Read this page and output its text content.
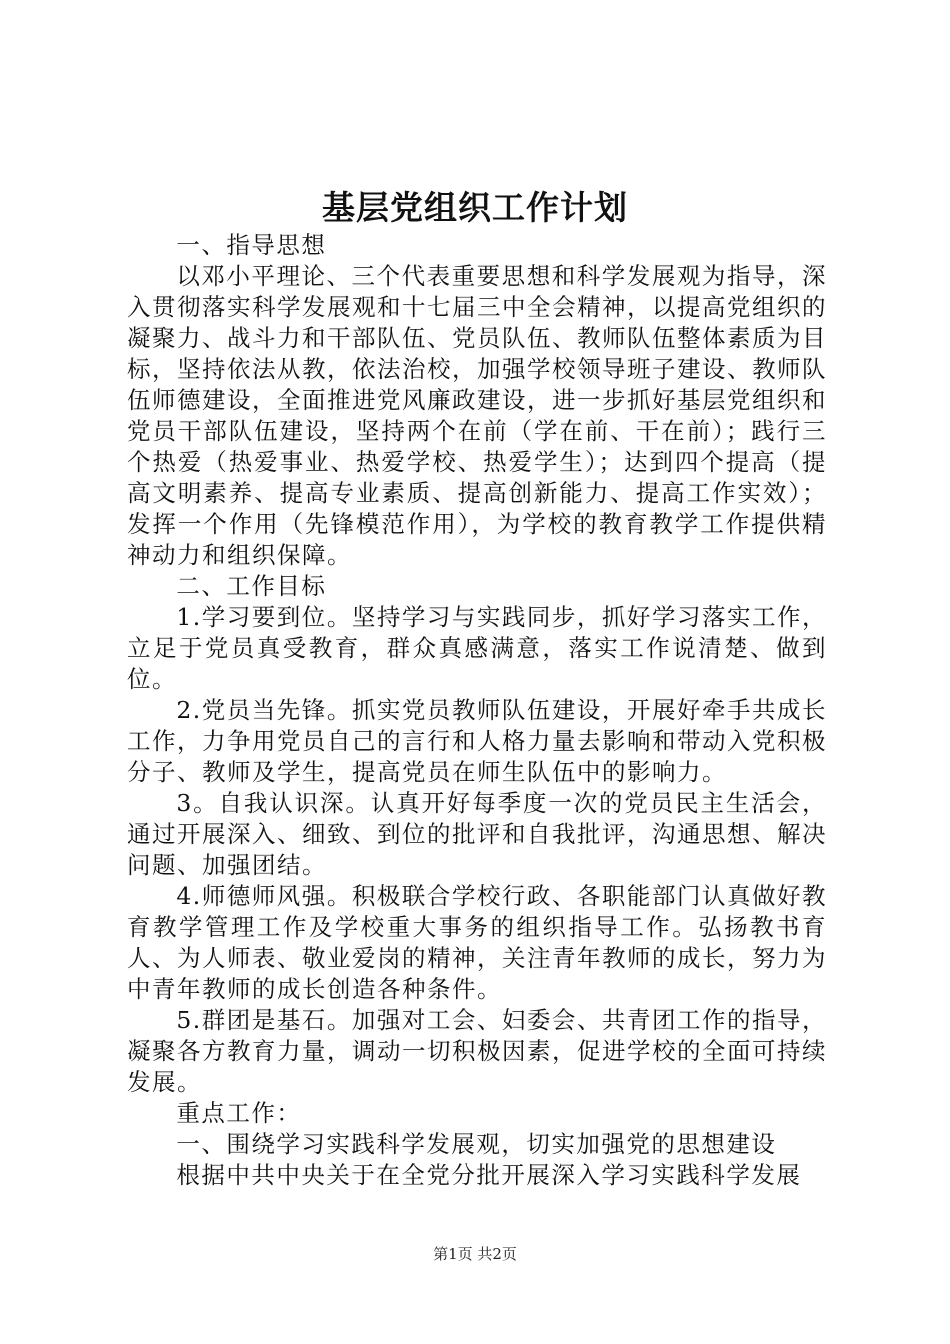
基层党组织工作计划

一、指导思想

以邓小平理论、三个代表重要思想和科学发展观为指导，深入贯彻落实科学发展观和十七届三中全会精神，以提高党组织的凝聚力、战斗力和干部队伍、党员队伍、教师队伍整体素质为目标，坚持依法从教，依法治校，加强学校领导班子建设、教师队伍师德建设，全面推进党风廉政建设，进一步抓好基层党组织和党员干部队伍建设，坚持两个在前（学在前、干在前）；践行三个热爱（热爱事业、热爱学校、热爱学生）；达到四个提高（提高文明素养、提高专业素质、提高创新能力、提高工作实效）；发挥一个作用（先锋模范作用），为学校的教育教学工作提供精神动力和组织保障。

二、工作目标

1.学习要到位。坚持学习与实践同步，抓好学习落实工作，立足于党员真受教育，群众真感满意，落实工作说清楚、做到位。

2.党员当先锋。抓实党员教师队伍建设，开展好牵手共成长工作，力争用党员自己的言行和人格力量去影响和带动入党积极分子、教师及学生，提高党员在师生队伍中的影响力。

3。自我认识深。认真开好每季度一次的党员民主生活会，通过开展深入、细致、到位的批评和自我批评，沟通思想、解决问题、加强团结。

4.师德师风强。积极联合学校行政、各职能部门认真做好教育教学管理工作及学校重大事务的组织指导工作。弘扬教书育人、为人师表、敬业爱岗的精神，关注青年教师的成长，努力为中青年教师的成长创造各种条件。

5.群团是基石。加强对工会、妇委会、共青团工作的指导，凝聚各方教育力量，调动一切积极因素，促进学校的全面可持续发展。

重点工作：

一、围绕学习实践科学发展观，切实加强党的思想建设

根据中共中央关于在全党分批开展深入学习实践科学发展

第1页 共2页
